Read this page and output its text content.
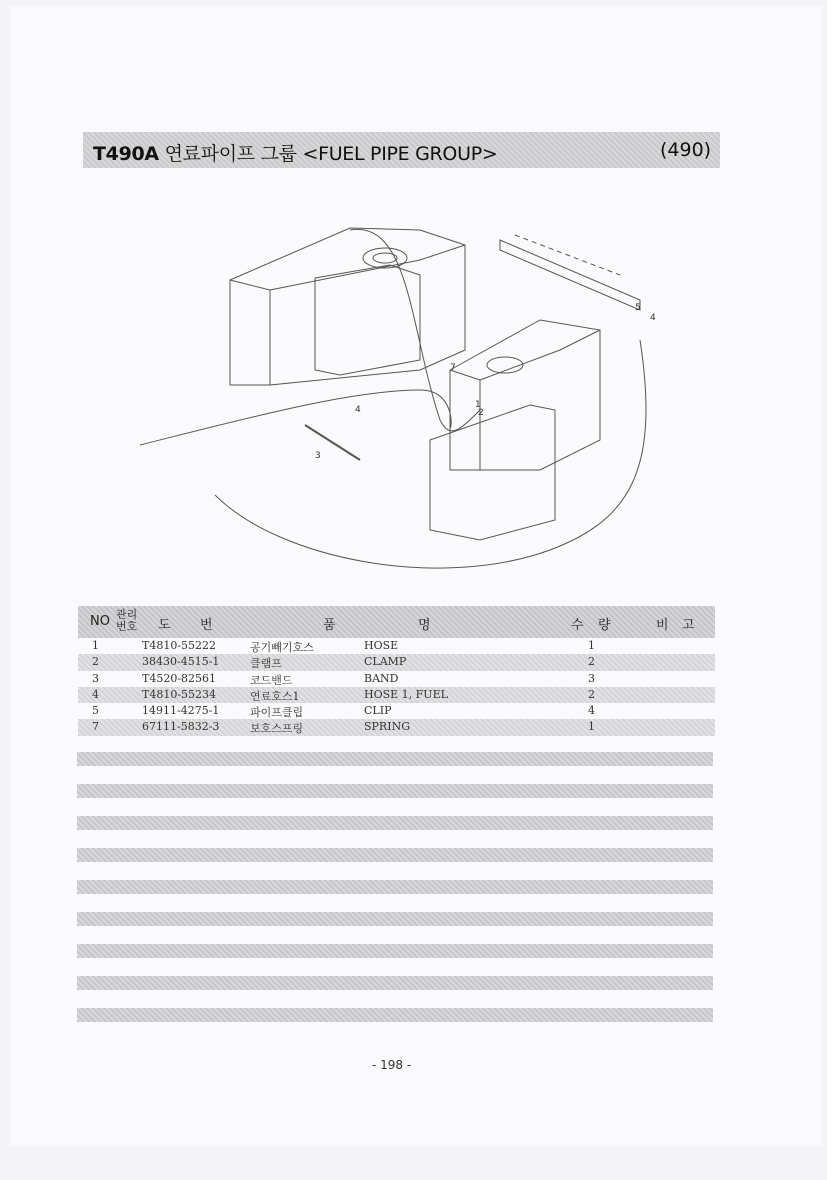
T490A 연료파이프 그룹 <FUEL PIPE GROUP>	(490)
1
2
3
4
5
4
7
NO 관리
번호 도 번	품	명	수 량	비 고
1	T4810-55222	공기빼기호스	HOSE	1
2	38430-4515-1	클램프	CLAMP	2
3	T4520-82561	코드밴드	BAND	3
4	T4810-55234	연료호스1	HOSE 1, FUEL	2
5	14911-4275-1	파이프클립	CLIP	4
7	67111-5832-3	보호스프링	SPRING	1
- 198 -
